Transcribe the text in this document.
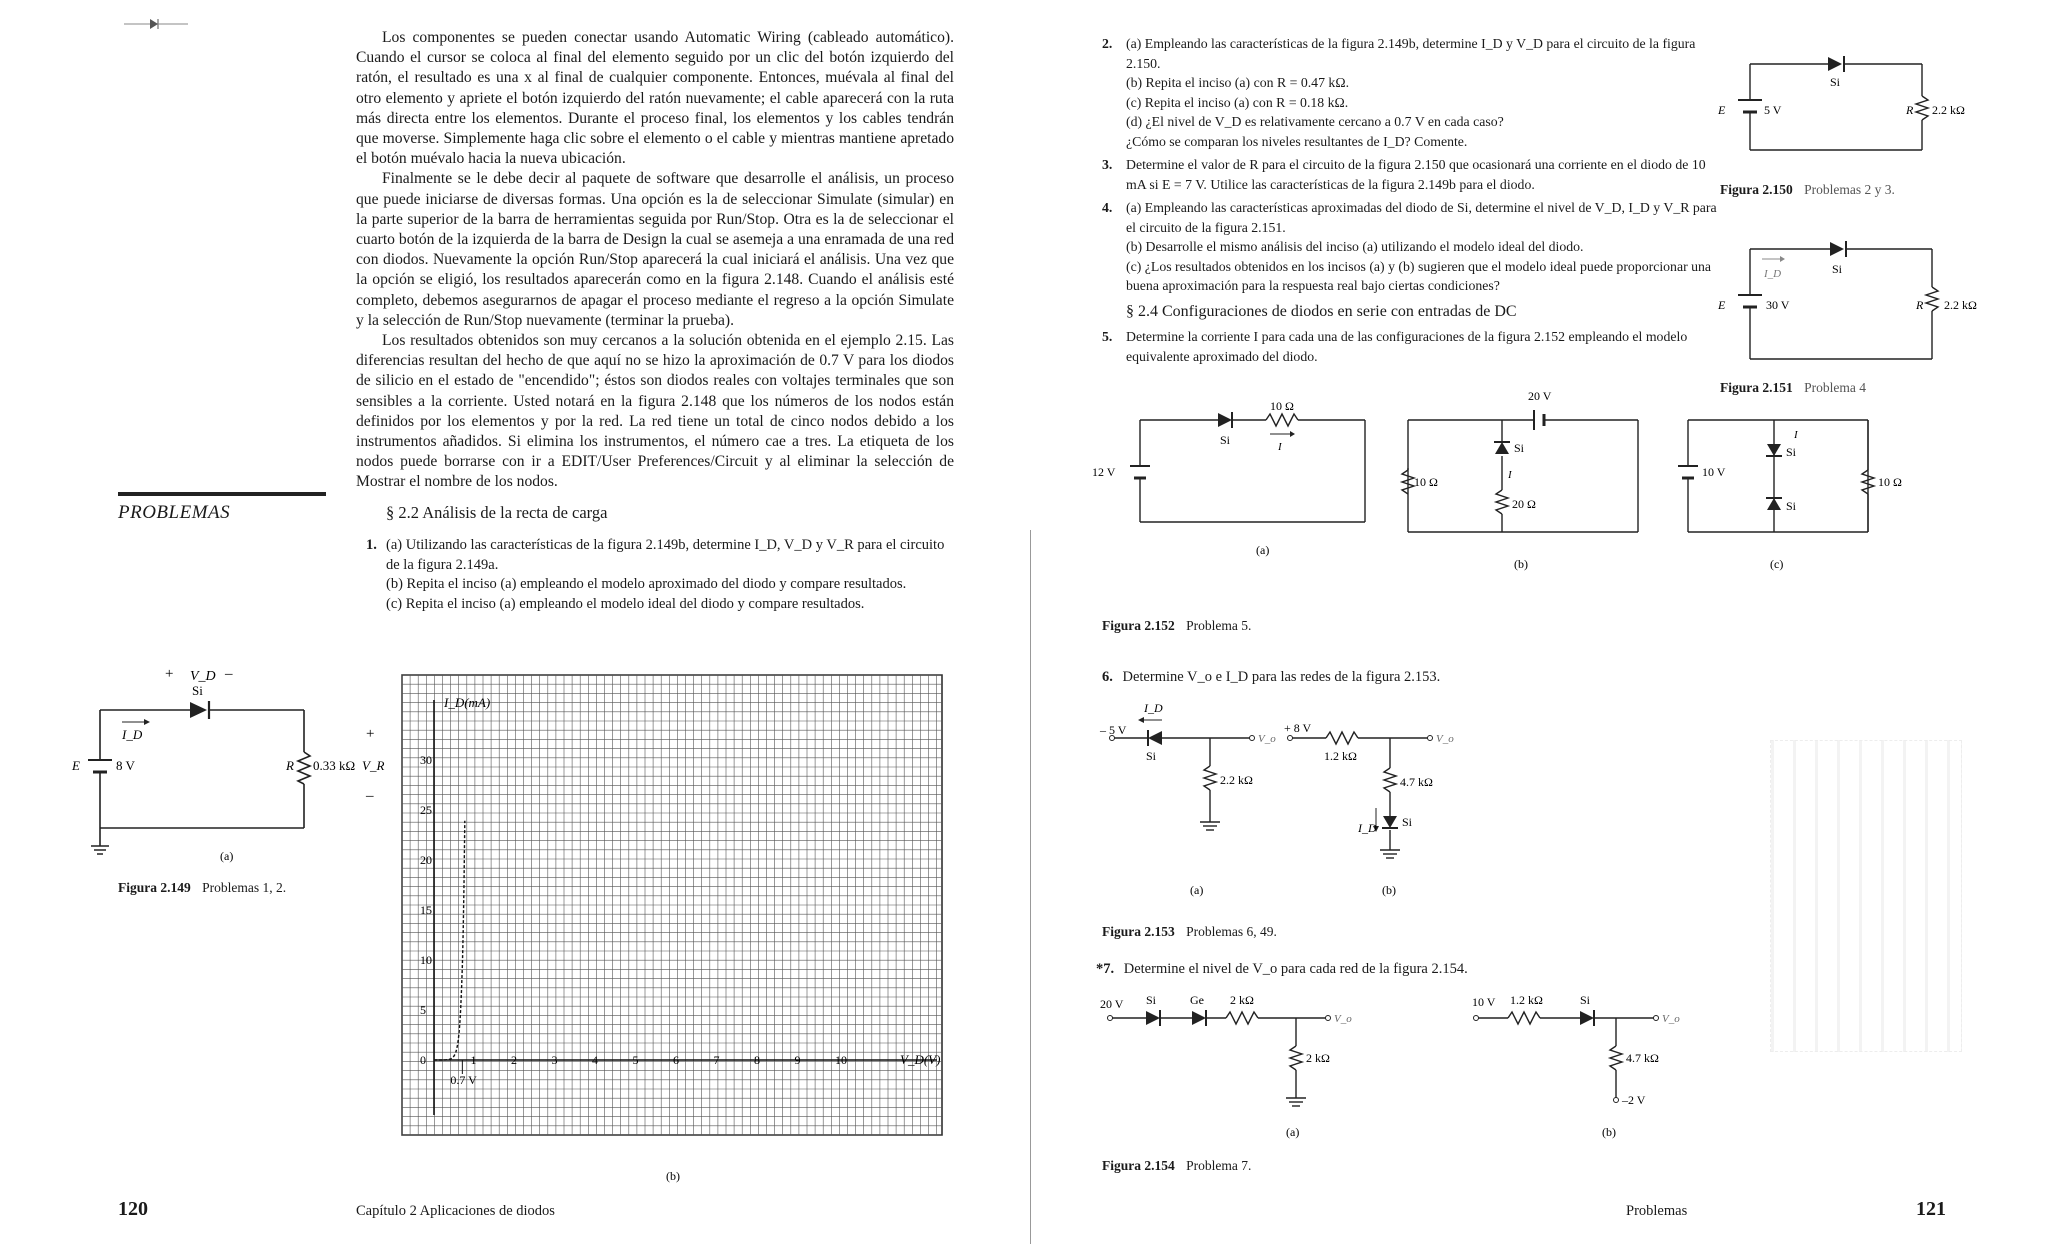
Los componentes se pueden conectar usando Automatic Wiring (cableado automático). Cuando el cursor se coloca al final del elemento seguido por un clic del botón izquierdo del ratón, el resultado es una x al final de cualquier componente. Entonces, muévala al final del otro elemento y apriete el botón izquierdo del ratón nuevamente; el cable aparecerá con la ruta más directa entre los elementos. Durante el proceso final, los elementos y los cables tendrán que moverse. Simplemente haga clic sobre el elemento o el cable y mientras mantiene apretado el botón muévalo hacia la nueva ubicación.

Finalmente se le debe decir al paquete de software que desarrolle el análisis, un proceso que puede iniciarse de diversas formas. Una opción es la de seleccionar Simulate (simular) en la parte superior de la barra de herramientas seguida por Run/Stop. Otra es la de seleccionar el cuarto botón de la izquierda de la barra de Design la cual se asemeja a una enramada de una red con diodos. Nuevamente la opción Run/Stop aparecerá la cual iniciará el análisis. Una vez que la opción se eligió, los resultados aparecerán como en la figura 2.148. Cuando el análisis esté completo, debemos asegurarnos de apagar el proceso mediante el regreso a la opción Simulate y la selección de Run/Stop nuevamente (terminar la prueba).

Los resultados obtenidos son muy cercanos a la solución obtenida en el ejemplo 2.15. Las diferencias resultan del hecho de que aquí no se hizo la aproximación de 0.7 V para los diodos de silicio en el estado de "encendido"; éstos son diodos reales con voltajes terminales que son sensibles a la corriente. Usted notará en la figura 2.148 que los números de los nodos están definidos por los elementos y por la red. La red tiene un total de cinco nodos debido a los instrumentos añadidos. Si elimina los instrumentos, el número cae a tres. La etiqueta de los nodos puede borrarse con ir a EDIT/User Preferences/Circuit y al eliminar la selección de Mostrar el nombre de los nodos.

PROBLEMAS	§ 2.2 Análisis de la recta de carga
1. (a) Utilizando las características de la figura 2.149b, determine I_D, V_D y V_R para el circuito de la figura 2.149a.

(b) Repita el inciso (a) empleando el modelo aproximado del diodo y compare resultados.

(c) Repita el inciso (a) empleando el modelo ideal del diodo y compare resultados.

+ V_D –
Si
I_D
E	8 V	R 0.33 kΩ V_R
+
–
(a)
Figura 2.149 Problemas 1, 2.
I_D(mA)
V_D(V)
0
5
10
15
20
25
30
1	2	3	4	5	6	7	8	9	10
0.7 V
(b)
120	Capítulo 2 Aplicaciones de diodos
2. (a) Empleando las características de la figura 2.149b, determine I_D y V_D para el circuito de la figura 2.150.
(b) Repita el inciso (a) con R = 0.47 kΩ.
(c) Repita el inciso (a) con R = 0.18 kΩ.
(d) ¿El nivel de V_D es relativamente cercano a 0.7 V en cada caso?
¿Cómo se comparan los niveles resultantes de I_D? Comente.
3. Determine el valor de R para el circuito de la figura 2.150 que ocasionará una corriente en el diodo de 10 mA si E = 7 V. Utilice las características de la figura 2.149b para el diodo.
4. (a) Empleando las características aproximadas del diodo de Si, determine el nivel de V_D, I_D y V_R para el circuito de la figura 2.151.
(b) Desarrolle el mismo análisis del inciso (a) utilizando el modelo ideal del diodo.
(c) ¿Los resultados obtenidos en los incisos (a) y (b) sugieren que el modelo ideal puede proporcionar una buena aproximación para la respuesta real bajo ciertas condiciones?
§ 2.4 Configuraciones de diodos en serie con entradas de DC
5. Determine la corriente I para cada una de las configuraciones de la figura 2.152 empleando el modelo equivalente aproximado del diodo.
Si
E	5 V	R 2.2 kΩ
Figura 2.150 Problemas 2 y 3.
I_D	Si
E	30 V	R 2.2 kΩ
Figura 2.151 Problema 4
10 Ω
Si	I
12 V
(a)
20 V
Si
10 Ω
20 Ω
I
(b)
10 V
Si
Si
I
(c)
10 Ω
Figura 2.152 Problema 5.
6. Determine V_o e I_D para las redes de la figura 2.153.
– 5 V
I_D
Si
2.2 kΩ
V_o
(a)
+ 8 V
1.2 kΩ
4.7 kΩ
Si
I_D
V_o
(b)
Figura 2.153 Problemas 6, 49.
*7. Determine el nivel de V_o para cada red de la figura 2.154.
20 V Si	Ge 2 kΩ
2 kΩ
V_o
(a)
10 V 1.2 kΩ	Si
4.7 kΩ
–2 V
V_o
(b)
Figura 2.154 Problema 7.
Problemas	121
